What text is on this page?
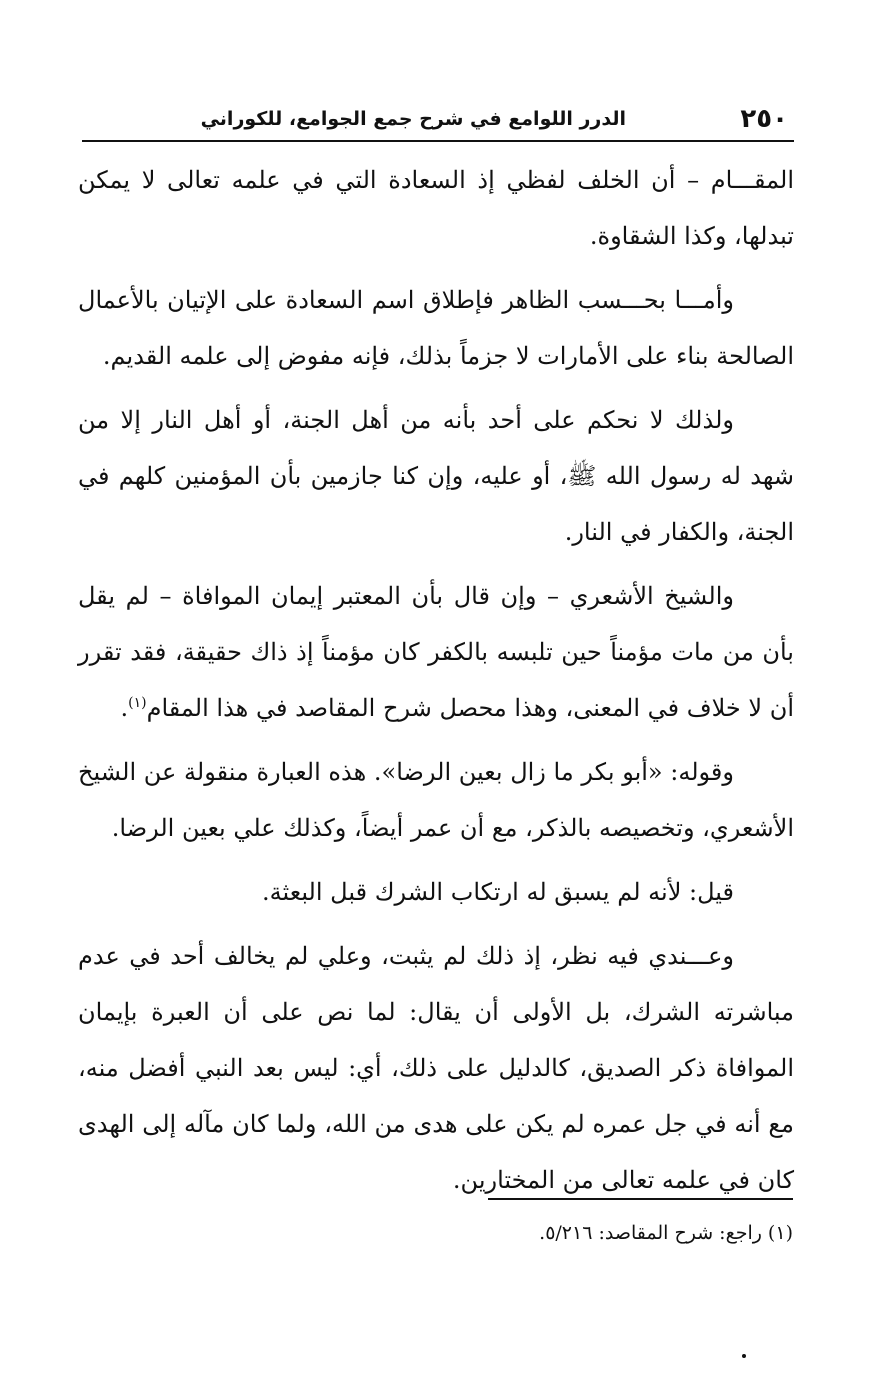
٢٥٠
الدرر اللوامع في شرح جمع الجوامع، للكوراني

المقـــام – أن الخلف لفظي إذ السعادة التي في علمه تعالى لا يمكن تبدلها، وكذا الشقاوة.

وأمـــا بحـــسب الظاهر فإطلاق اسم السعادة على الإتيان بالأعمال الصالحة بناء على الأمارات لا جزماً بذلك، فإنه مفوض إلى علمه القديم.

ولذلك لا نحكم على أحد بأنه من أهل الجنة، أو أهل النار إلا من شهد له رسول الله ﷺ، أو عليه، وإن كنا جازمين بأن المؤمنين كلهم في الجنة، والكفار في النار.

والشيخ الأشعري – وإن قال بأن المعتبر إيمان الموافاة – لم يقل بأن من مات مؤمناً حين تلبسه بالكفر كان مؤمناً إذ ذاك حقيقة، فقد تقرر أن لا خلاف في المعنى، وهذا محصل شرح المقاصد في هذا المقام$^{(١)}$.

وقوله: «أبو بكر ما زال بعين الرضا». هذه العبارة منقولة عن الشيخ الأشعري، وتخصيصه بالذكر، مع أن عمر أيضاً، وكذلك علي بعين الرضا.

قيل: لأنه لم يسبق له ارتكاب الشرك قبل البعثة.

وعـــندي فيه نظر، إذ ذلك لم يثبت، وعلي لم يخالف أحد في عدم مباشرته الشرك، بل الأولى أن يقال: لما نص على أن العبرة بإيمان الموافاة ذكر الصديق، كالدليل على ذلك، أي: ليس بعد النبي أفضل منه، مع أنه في جل عمره لم يكن على هدى من الله، ولما كان مآله إلى الهدى كان في علمه تعالى من المختارين.

(١) راجع: شرح المقاصد: ٥/٢١٦.
